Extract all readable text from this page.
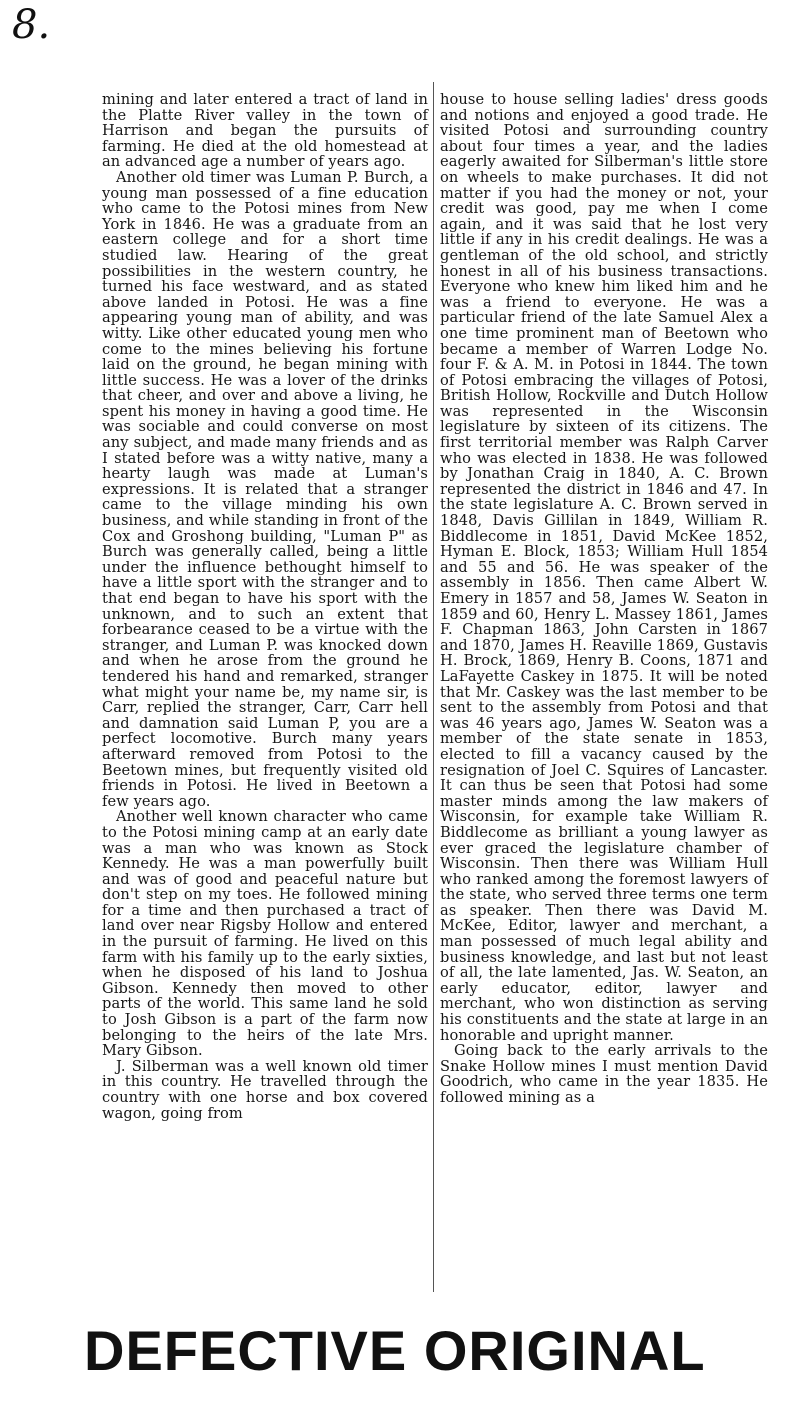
8.

mining and later entered a tract of land in the Platte River valley in the town of Harrison and began the pursuits of farming. He died at the old homestead at an advanced age a number of years ago.

Another old timer was Luman P. Burch, a young man possessed of a fine education who came to the Potosi mines from New York in 1846. He was a graduate from an eastern college and for a short time studied law. Hearing of the great possibilities in the western country, he turned his face westward, and as stated above landed in Potosi. He was a fine appearing young man of ability, and was witty. Like other educated young men who come to the mines believing his fortune laid on the ground, he began mining with little success. He was a lover of the drinks that cheer, and over and above a living, he spent his money in having a good time. He was sociable and could converse on most any subject, and made many friends and as I stated before was a witty native, many a hearty laugh was made at Luman's expressions. It is related that a stranger came to the village minding his own business, and while standing in front of the Cox and Groshong building, "Luman P" as Burch was generally called, being a little under the influence bethought himself to have a little sport with the stranger and to that end began to have his sport with the unknown, and to such an extent that forbearance ceased to be a virtue with the stranger, and Luman P. was knocked down and when he arose from the ground he tendered his hand and remarked, stranger what might your name be, my name sir, is Carr, replied the stranger, Carr, Carr hell and damnation said Luman P, you are a perfect locomotive. Burch many years afterward removed from Potosi to the Beetown mines, but frequently visited old friends in Potosi. He lived in Beetown a few years ago.

Another well known character who came to the Potosi mining camp at an early date was a man who was known as Stock Kennedy. He was a man powerfully built and was of good and peaceful nature but don't step on my toes. He followed mining for a time and then purchased a tract of land over near Rigsby Hollow and entered in the pursuit of farming. He lived on this farm with his family up to the early sixties, when he disposed of his land to Joshua Gibson. Kennedy then moved to other parts of the world. This same land he sold to Josh Gibson is a part of the farm now belonging to the heirs of the late Mrs. Mary Gibson.

J. Silberman was a well known old timer in this country. He travelled through the country with one horse and box covered wagon, going from

house to house selling ladies' dress goods and notions and enjoyed a good trade. He visited Potosi and surrounding country about four times a year, and the ladies eagerly awaited for Silberman's little store on wheels to make purchases. It did not matter if you had the money or not, your credit was good, pay me when I come again, and it was said that he lost very little if any in his credit dealings. He was a gentleman of the old school, and strictly honest in all of his business transactions. Everyone who knew him liked him and he was a friend to everyone. He was a particular friend of the late Samuel Alex a one time prominent man of Beetown who became a member of Warren Lodge No. four F. & A. M. in Potosi in 1844. The town of Potosi embracing the villages of Potosi, British Hollow, Rockville and Dutch Hollow was represented in the Wisconsin legislature by sixteen of its citizens. The first territorial member was Ralph Carver who was elected in 1838. He was followed by Jonathan Craig in 1840, A. C. Brown represented the district in 1846 and 47. In the state legislature A. C. Brown served in 1848, Davis Gillilan in 1849, William R. Biddlecome in 1851, David McKee 1852, Hyman E. Block, 1853; William Hull 1854 and 55 and 56. He was speaker of the assembly in 1856. Then came Albert W. Emery in 1857 and 58, James W. Seaton in 1859 and 60, Henry L. Massey 1861, James F. Chapman 1863, John Carsten in 1867 and 1870, James H. Reaville 1869, Gustavis H. Brock, 1869, Henry B. Coons, 1871 and LaFayette Caskey in 1875. It will be noted that Mr. Caskey was the last member to be sent to the assembly from Potosi and that was 46 years ago, James W. Seaton was a member of the state senate in 1853, elected to fill a vacancy caused by the resignation of Joel C. Squires of Lancaster. It can thus be seen that Potosi had some master minds among the law makers of Wisconsin, for example take William R. Biddlecome as brilliant a young lawyer as ever graced the legislature chamber of Wisconsin. Then there was William Hull who ranked among the foremost lawyers of the state, who served three terms one term as speaker. Then there was David M. McKee, Editor, lawyer and merchant, a man possessed of much legal ability and business knowledge, and last but not least of all, the late lamented, Jas. W. Seaton, an early educator, editor, lawyer and merchant, who won distinction as serving his constituents and the state at large in an honorable and upright manner.

Going back to the early arrivals to the Snake Hollow mines I must mention David Goodrich, who came in the year 1835. He followed mining as a

DEFECTIVE ORIGINAL
